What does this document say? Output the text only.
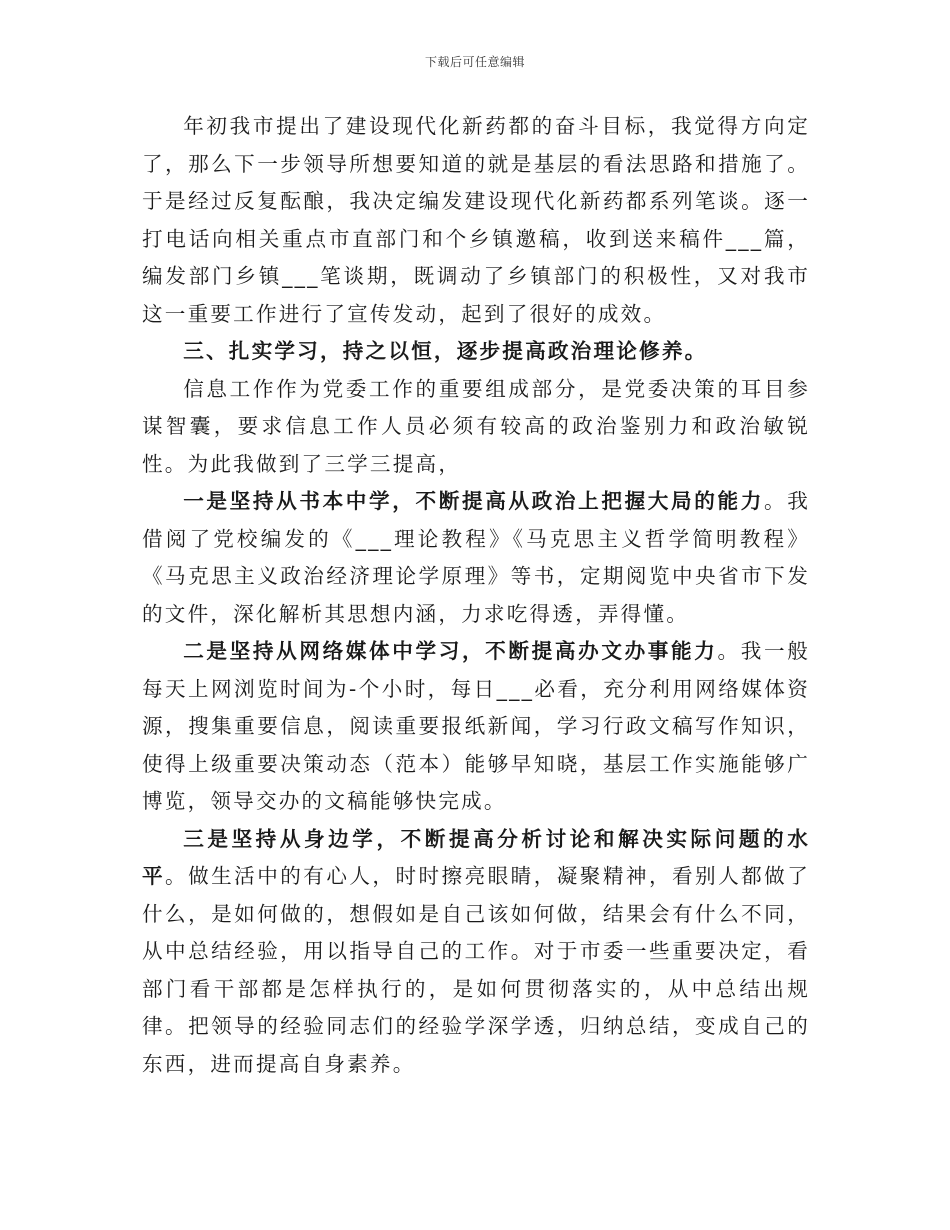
下载后可任意编辑

年初我市提出了建设现代化新药都的奋斗目标，我觉得方向定了，那么下一步领导所想要知道的就是基层的看法思路和措施了。于是经过反复酝酿，我决定编发建设现代化新药都系列笔谈。逐一打电话向相关重点市直部门和个乡镇邀稿，收到送来稿件___篇，编发部门乡镇___笔谈期，既调动了乡镇部门的积极性，又对我市这一重要工作进行了宣传发动，起到了很好的成效。

三、扎实学习，持之以恒，逐步提高政治理论修养。

信息工作作为党委工作的重要组成部分，是党委决策的耳目参谋智囊，要求信息工作人员必须有较高的政治鉴别力和政治敏锐性。为此我做到了三学三提高，

一是坚持从书本中学，不断提高从政治上把握大局的能力。我借阅了党校编发的《___理论教程》《马克思主义哲学简明教程》《马克思主义政治经济理论学原理》等书，定期阅览中央省市下发的文件，深化解析其思想内涵，力求吃得透，弄得懂。

二是坚持从网络媒体中学习，不断提高办文办事能力。我一般每天上网浏览时间为-个小时，每日___必看，充分利用网络媒体资源，搜集重要信息，阅读重要报纸新闻，学习行政文稿写作知识，使得上级重要决策动态（范本）能够早知晓，基层工作实施能够广博览，领导交办的文稿能够快完成。

三是坚持从身边学，不断提高分析讨论和解决实际问题的水平。做生活中的有心人，时时擦亮眼睛，凝聚精神，看别人都做了什么，是如何做的，想假如是自己该如何做，结果会有什么不同，从中总结经验，用以指导自己的工作。对于市委一些重要决定，看部门看干部都是怎样执行的，是如何贯彻落实的，从中总结出规律。把领导的经验同志们的经验学深学透，归纳总结，变成自己的东西，进而提高自身素养。
